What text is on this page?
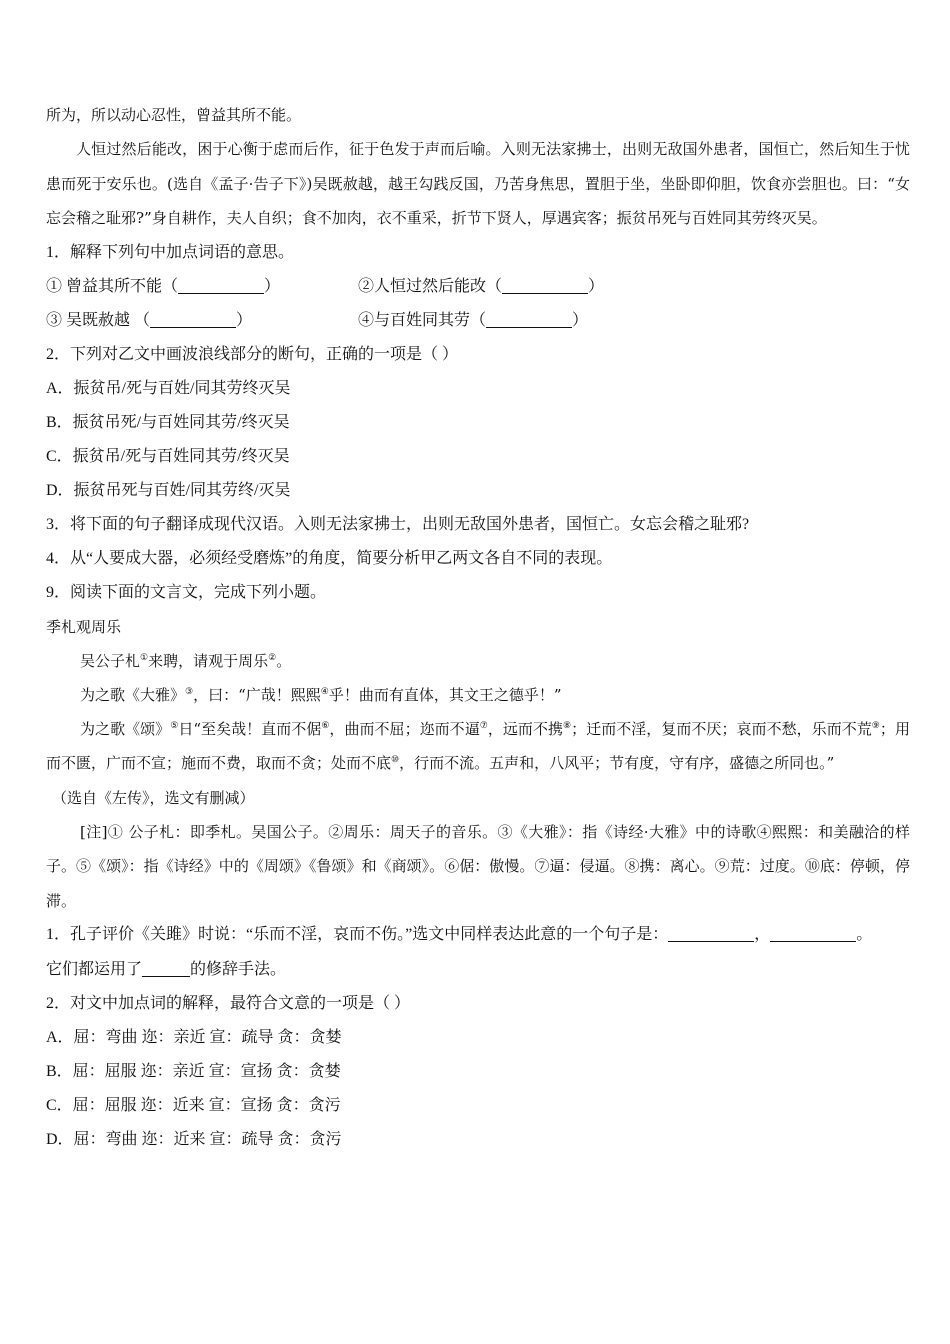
所为，所以动心忍性，曾益其所不能。
人恒过然后能改，困于心衡于虑而后作，征于色发于声而后喻。入则无法家拂士，出则无敌国外患者，国恒亡，然后知生于忧患而死于安乐也。(选自《孟子·告子下》)吴既赦越，越王勾践反国，乃苦身焦思，置胆于坐，坐卧即仰胆，饮食亦尝胆也。曰：“女忘会稽之耻邪?”身自耕作，夫人自织；食不加肉，衣不重采，折节下贤人，厚遇宾客；振贫吊死与百姓同其劳终灭吴。
1．解释下列句中加点词语的意思。
① 曾益其所不能（	）	②人恒过然后能改（	）
③ 吴既赦越 （	）	④与百姓同其劳（	）
2．下列对乙文中画波浪线部分的断句，正确的一项是（ ）
A．振贫吊/死与百姓/同其劳终灭吴
B．振贫吊死/与百姓同其劳/终灭吴
C．振贫吊/死与百姓同其劳/终灭吴
D．振贫吊死与百姓/同其劳终/灭吴
3．将下面的句子翻译成现代汉语。入则无法家拂士，出则无敌国外患者，国恒亡。女忘会稽之耻邪?
4．从“人要成大器，必须经受磨炼”的角度，简要分析甲乙两文各自不同的表现。
9．阅读下面的文言文，完成下列小题。
季札观周乐
吴公子札①来聘，请观于周乐②。
为之歌《大雅》③，曰：“广哉！熙熙④乎！曲而有直体，其文王之德乎！”
为之歌《颂》⑤日“至矣哉！直而不倨⑥，曲而不屈；迩而不逼⑦，远而不携⑧；迁而不淫，复而不厌；哀而不愁，乐而不荒⑨；用而不匮，广而不宣；施而不费，取而不贪；处而不底⑩，行而不流。五声和，八风平；节有度，守有序，盛德之所同也。”
（选自《左传》，选文有删减）
[注]① 公子札：即季札。吴国公子。②周乐：周天子的音乐。③《大雅》：指《诗经·大雅》中的诗歌④熙熙：和美融洽的样子。⑤《颂》：指《诗经》中的《周颂》《鲁颂》和《商颂》。⑥倨：傲慢。⑦逼：侵逼。⑧携：离心。⑨荒：过度。⑩底：停顿，停滞。
1．孔子评价《关雎》时说：“乐而不淫，哀而不伤。”选文中同样表达此意的一个句子是：	，	。
它们都运用了	的修辞手法。
2．对文中加点词的解释，最符合文意的一项是（ ）
A．屈：弯曲 迩：亲近 宣：疏导 贪：贪婪
B．屈：屈服 迩：亲近 宣：宣扬 贪：贪婪
C．屈：屈服 迩：近来 宣：宣扬 贪：贪污
D．屈：弯曲 迩：近来 宣：疏导 贪：贪污
